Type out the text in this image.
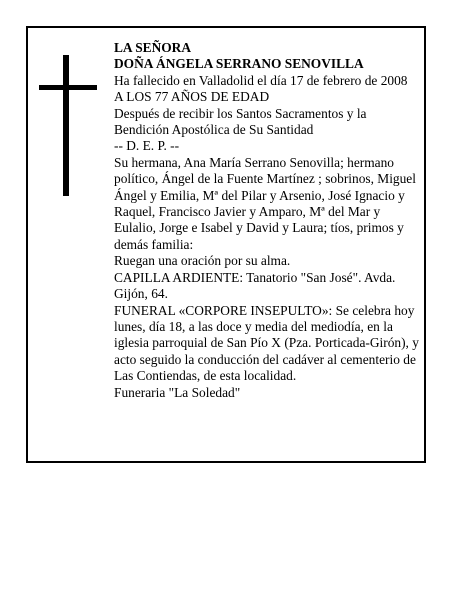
LA SEÑORA

DOÑA ÁNGELA SERRANO SENOVILLA

Ha fallecido en Valladolid el día 17 de febrero de 2008

A LOS 77 AÑOS DE EDAD

Después de recibir los Santos Sacramentos y la Bendición Apostólica de Su Santidad

-- D. E. P. --

Su hermana, Ana María Serrano Senovilla; hermano político, Ángel de la Fuente Martínez ; sobrinos, Miguel Ángel y Emilia, Mª del Pilar y Arsenio, José Ignacio y Raquel, Francisco Javier y Amparo, Mª del Mar y Eulalio, Jorge e Isabel y David y Laura; tíos, primos y demás familia:

Ruegan una oración por su alma.

CAPILLA ARDIENTE: Tanatorio "San José". Avda. Gijón, 64.

FUNERAL «CORPORE INSEPULTO»: Se celebra hoy lunes, día 18, a las doce y media del mediodía, en la iglesia parroquial de San Pío X (Pza. Porticada-Girón), y acto seguido la conducción del cadáver al cementerio de Las Contiendas, de esta localidad.

Funeraria "La Soledad"
